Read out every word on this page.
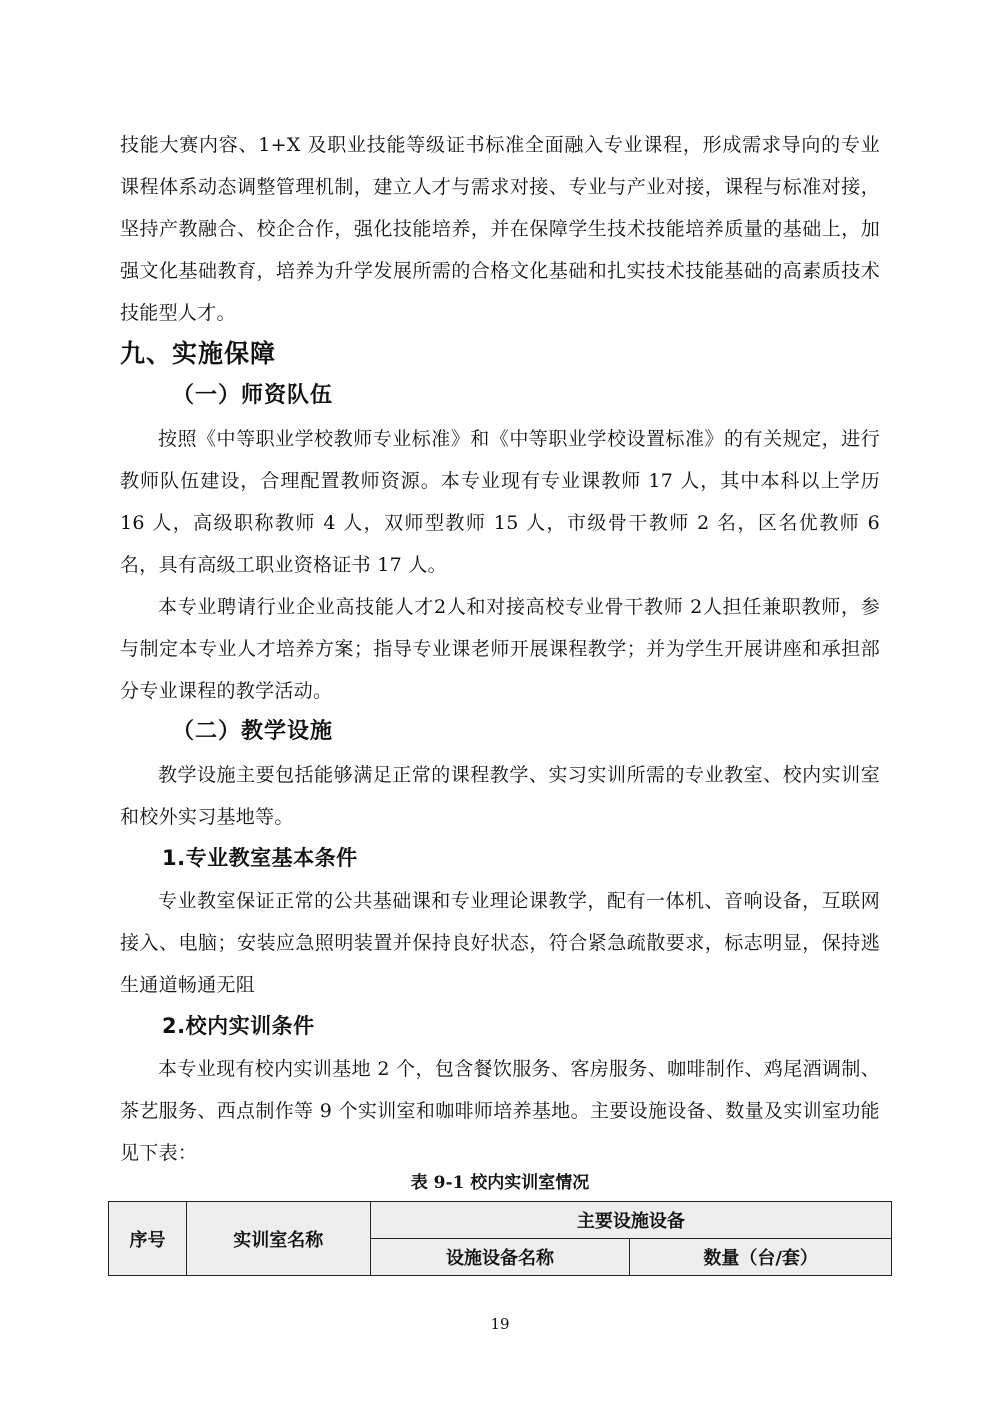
技能大赛内容、1+X 及职业技能等级证书标准全面融入专业课程，形成需求导向的专业课程体系动态调整管理机制，建立人才与需求对接、专业与产业对接，课程与标准对接，坚持产教融合、校企合作，强化技能培养，并在保障学生技术技能培养质量的基础上，加强文化基础教育，培养为升学发展所需的合格文化基础和扎实技术技能基础的高素质技术技能型人才。

九、实施保障
（一）师资队伍

按照《中等职业学校教师专业标准》和《中等职业学校设置标准》的有关规定，进行教师队伍建设，合理配置教师资源。本专业现有专业课教师 17 人，其中本科以上学历 16 人，高级职称教师 4 人，双师型教师 15 人，市级骨干教师 2 名，区名优教师 6 名，具有高级工职业资格证书 17 人。

本专业聘请行业企业高技能人才2人和对接高校专业骨干教师 2人担任兼职教师，参与制定本专业人才培养方案；指导专业课老师开展课程教学；并为学生开展讲座和承担部分专业课程的教学活动。

（二）教学设施

教学设施主要包括能够满足正常的课程教学、实习实训所需的专业教室、校内实训室和校外实习基地等。

1.专业教室基本条件

专业教室保证正常的公共基础课和专业理论课教学，配有一体机、音响设备，互联网接入、电脑；安装应急照明装置并保持良好状态，符合紧急疏散要求，标志明显，保持逃生通道畅通无阻

2.校内实训条件

本专业现有校内实训基地 2 个，包含餐饮服务、客房服务、咖啡制作、鸡尾酒调制、茶艺服务、西点制作等 9 个实训室和咖啡师培养基地。主要设施设备、数量及实训室功能见下表：

表 9-1 校内实训室情况

序号	实训室名称	主要设施设备	
		设施设备名称	数量（台/套）
19
